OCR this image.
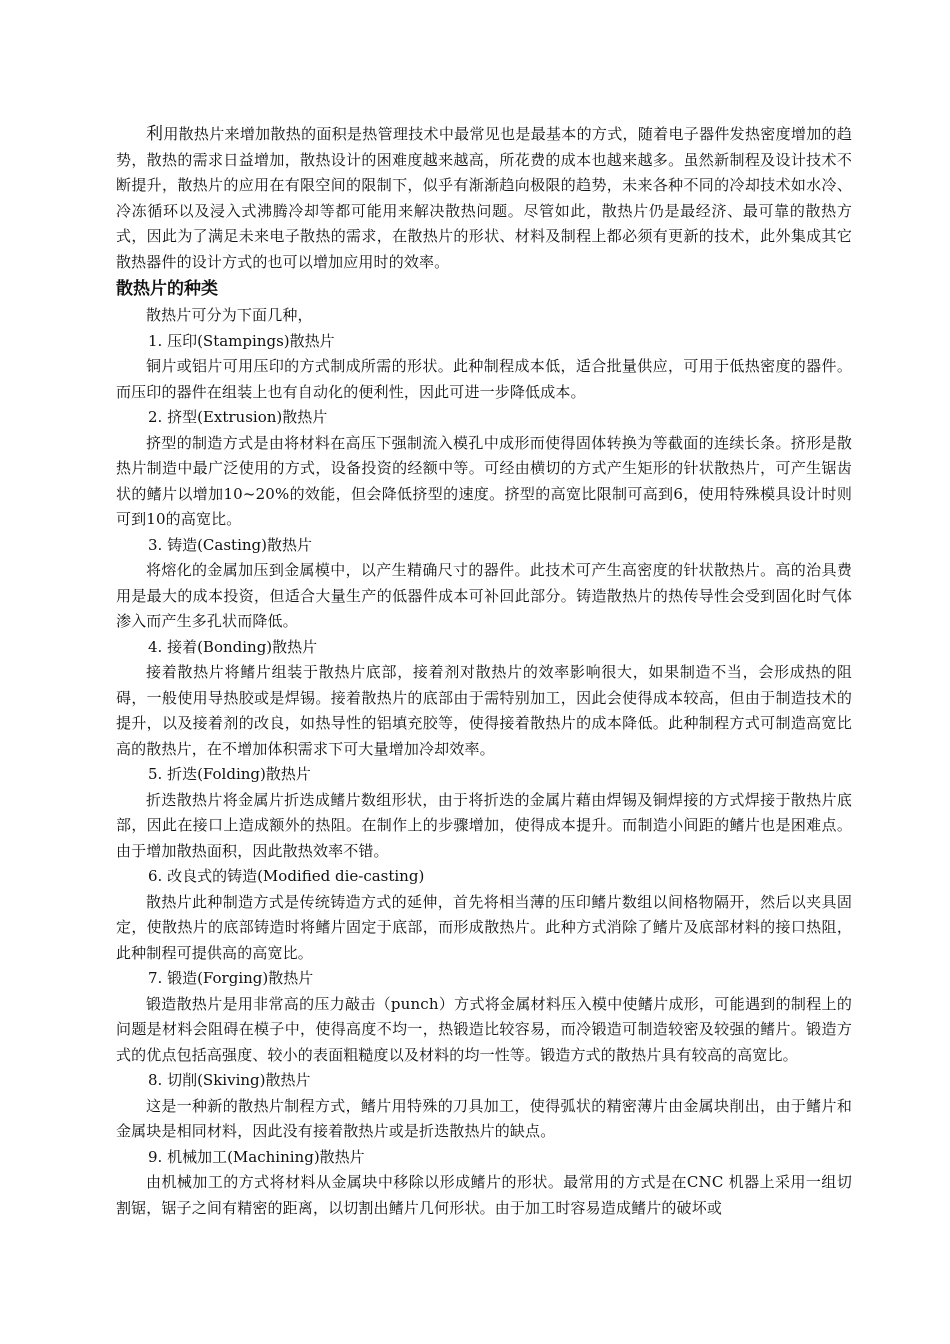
利用散热片来增加散热的面积是热管理技术中最常见也是最基本的方式，随着电子器件发热密度增加的趋势，散热的需求日益增加，散热设计的困难度越来越高，所花费的成本也越来越多。虽然新制程及设计技术不断提升，散热片的应用在有限空间的限制下，似乎有渐渐趋向极限的趋势，未来各种不同的冷却技术如水冷、冷冻循环以及浸入式沸腾冷却等都可能用来解决散热问题。尽管如此，散热片仍是最经济、最可靠的散热方式，因此为了满足未来电子散热的需求，在散热片的形状、材料及制程上都必须有更新的技术，此外集成其它散热器件的设计方式的也可以增加应用时的效率。

散热片的种类

散热片可分为下面几种，

1. 压印(Stampings)散热片

铜片或铝片可用压印的方式制成所需的形状。此种制程成本低，适合批量供应，可用于低热密度的器件。而压印的器件在组装上也有自动化的便利性，因此可进一步降低成本。

2. 挤型(Extrusion)散热片

挤型的制造方式是由将材料在高压下强制流入模孔中成形而使得固体转换为等截面的连续长条。挤形是散热片制造中最广泛使用的方式，设备投资的经额中等。可经由横切的方式产生矩形的针状散热片，可产生锯齿状的鳍片以增加10~20%的效能，但会降低挤型的速度。挤型的高宽比限制可高到6，使用特殊模具设计时则可到10的高宽比。

3. 铸造(Casting)散热片

将熔化的金属加压到金属模中，以产生精确尺寸的器件。此技术可产生高密度的针状散热片。高的治具费用是最大的成本投资，但适合大量生产的低器件成本可补回此部分。铸造散热片的热传导性会受到固化时气体渗入而产生多孔状而降低。

4. 接着(Bonding)散热片

接着散热片将鳍片组装于散热片底部，接着剂对散热片的效率影响很大，如果制造不当，会形成热的阻碍，一般使用导热胶或是焊锡。接着散热片的底部由于需特别加工，因此会使得成本较高，但由于制造技术的提升，以及接着剂的改良，如热导性的铝填充胶等，使得接着散热片的成本降低。此种制程方式可制造高宽比高的散热片，在不增加体积需求下可大量增加冷却效率。

5. 折迭(Folding)散热片

折迭散热片将金属片折迭成鳍片数组形状，由于将折迭的金属片藉由焊锡及铜焊接的方式焊接于散热片底部，因此在接口上造成额外的热阻。在制作上的步骤增加，使得成本提升。而制造小间距的鳍片也是困难点。由于增加散热面积，因此散热效率不错。

6. 改良式的铸造(Modified die-casting)

散热片此种制造方式是传统铸造方式的延伸，首先将相当薄的压印鳍片数组以间格物隔开，然后以夹具固定，使散热片的底部铸造时将鳍片固定于底部，而形成散热片。此种方式消除了鳍片及底部材料的接口热阻，此种制程可提供高的高宽比。

7. 锻造(Forging)散热片

锻造散热片是用非常高的压力敲击（punch）方式将金属材料压入模中使鳍片成形，可能遇到的制程上的问题是材料会阻碍在模子中，使得高度不均一，热锻造比较容易，而冷锻造可制造较密及较强的鳍片。锻造方式的优点包括高强度、较小的表面粗糙度以及材料的均一性等。锻造方式的散热片具有较高的高宽比。

8. 切削(Skiving)散热片

这是一种新的散热片制程方式，鳍片用特殊的刀具加工，使得弧状的精密薄片由金属块削出，由于鳍片和金属块是相同材料，因此没有接着散热片或是折迭散热片的缺点。

9. 机械加工(Machining)散热片

由机械加工的方式将材料从金属块中移除以形成鳍片的形状。最常用的方式是在CNC 机器上采用一组切割锯，锯子之间有精密的距离，以切割出鳍片几何形状。由于加工时容易造成鳍片的破坏或
